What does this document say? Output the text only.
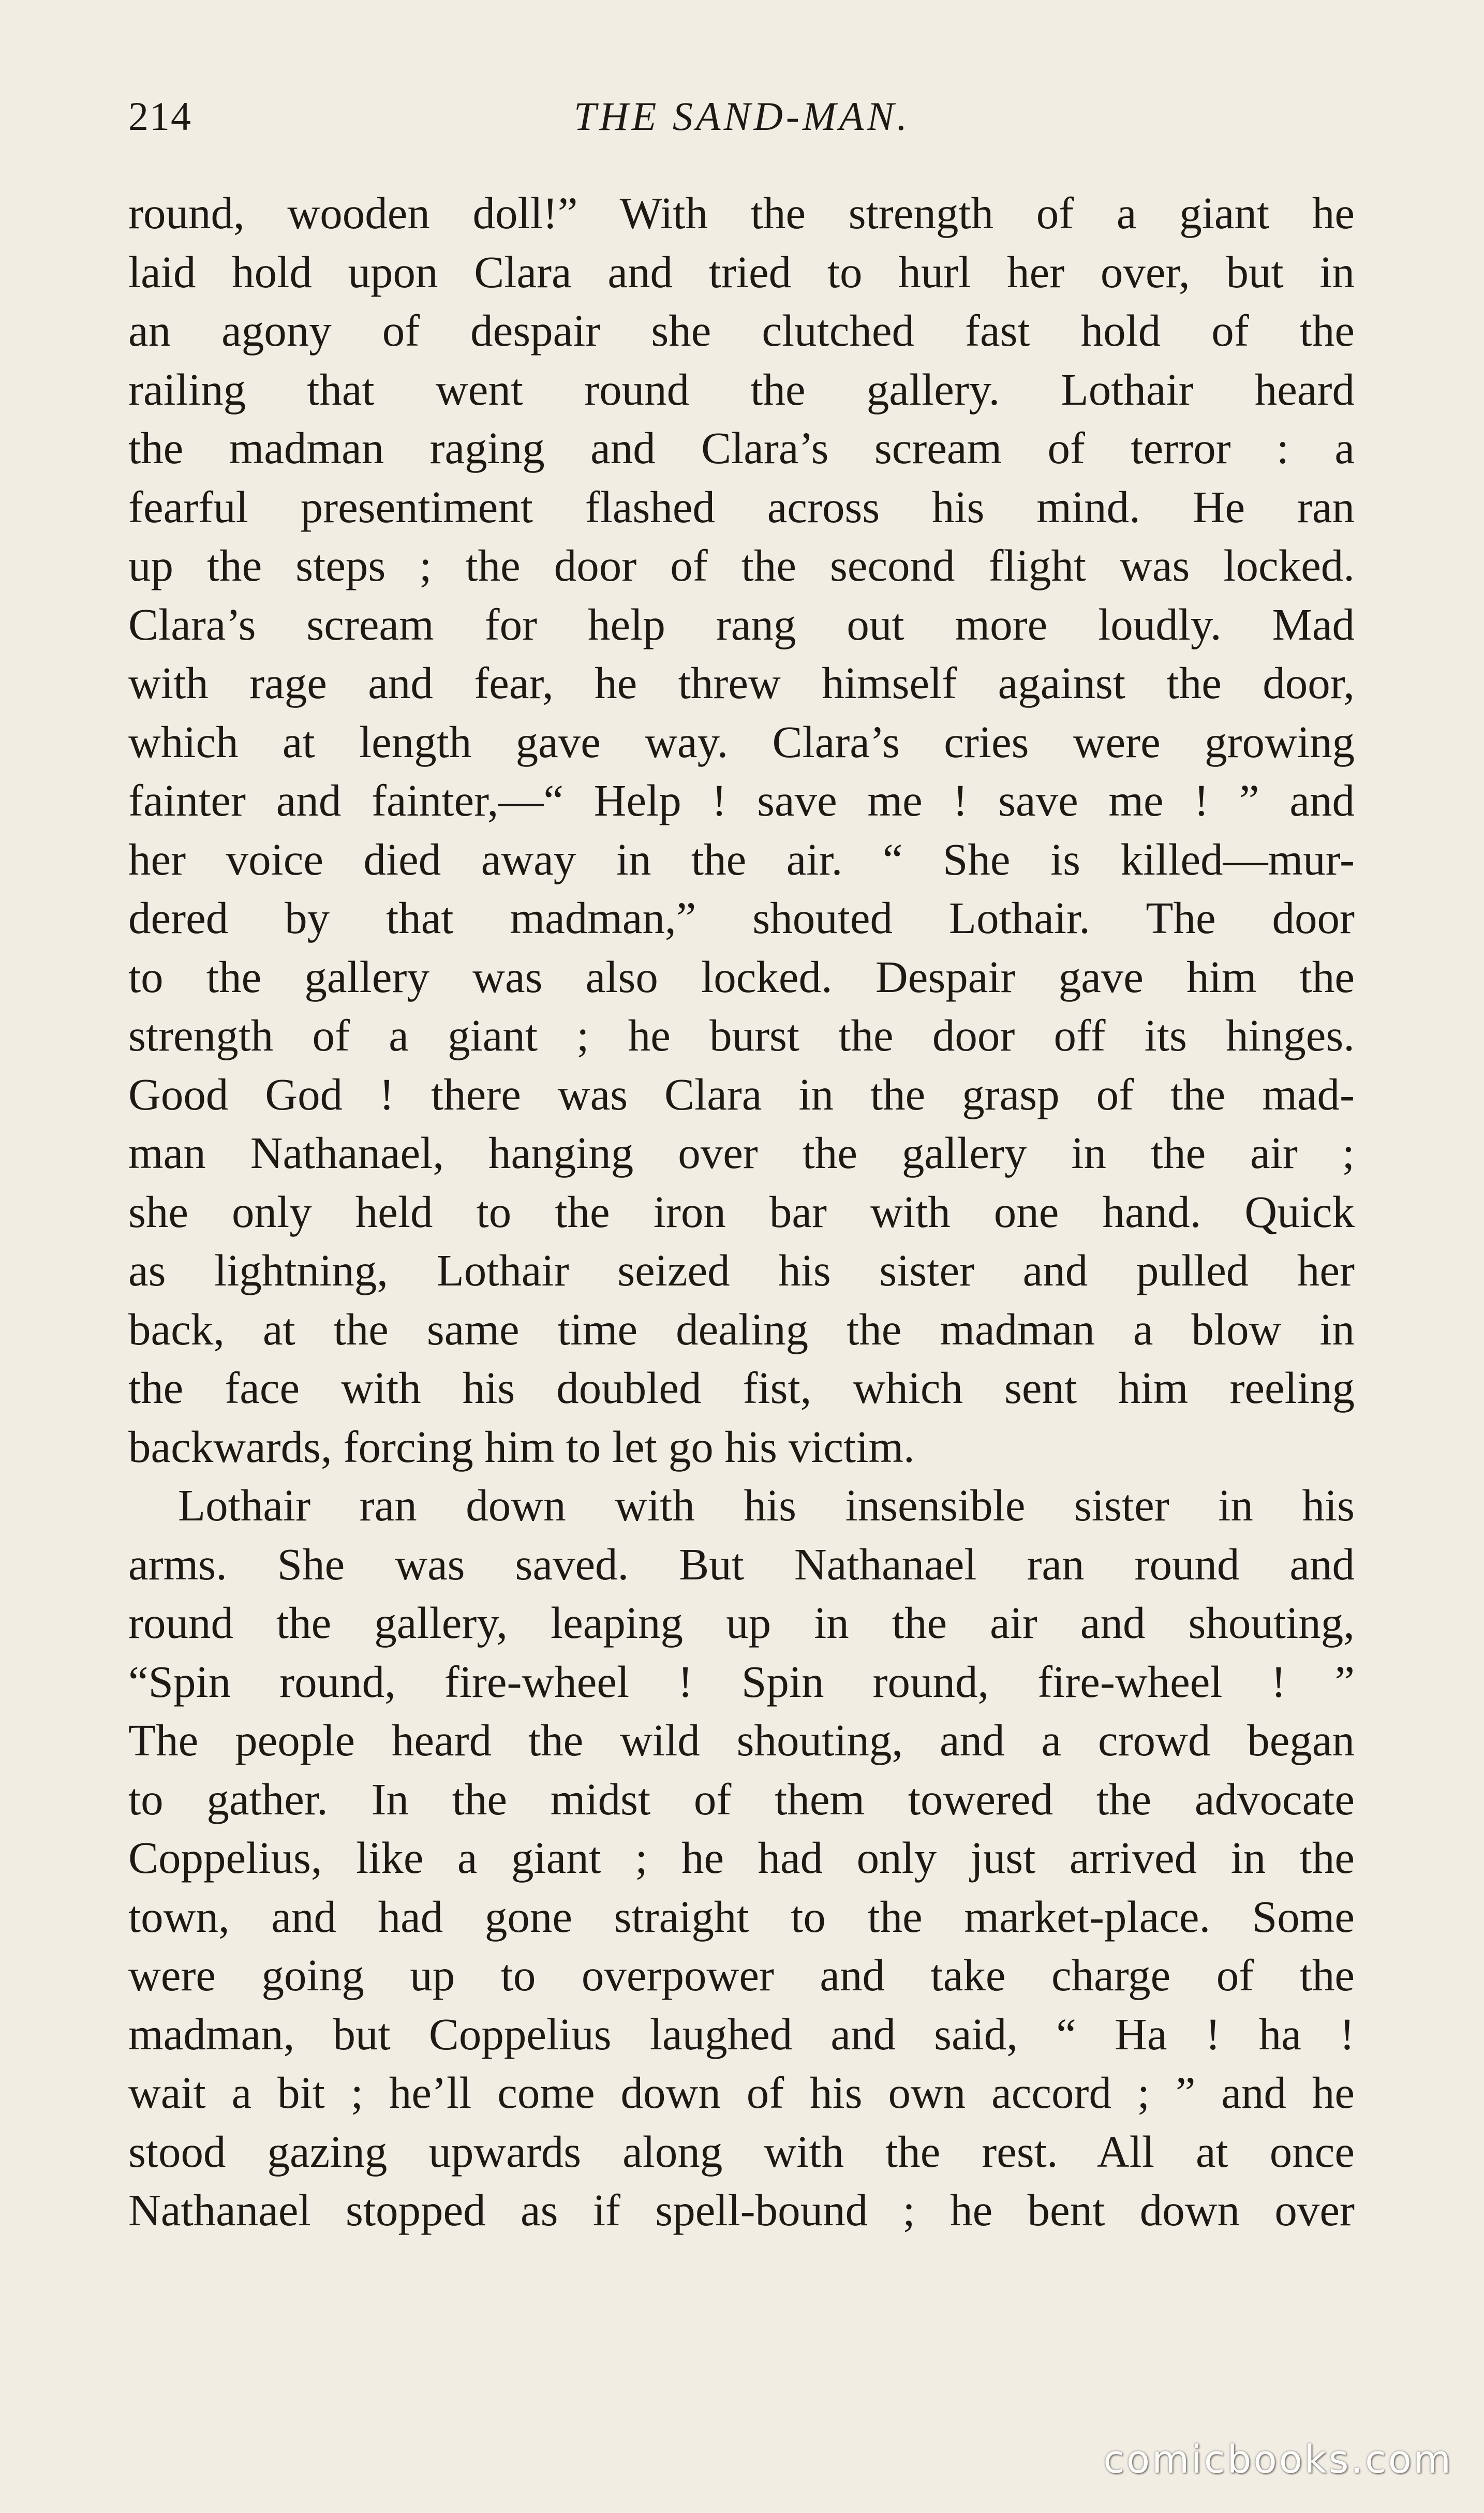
214	THE SAND-MAN.
round, wooden doll!” With the strength of a giant he
laid hold upon Clara and tried to hurl her over, but in
an agony of despair she clutched fast hold of the
railing that went round the gallery. Lothair heard
the madman raging and Clara’s scream of terror : a
fearful presentiment flashed across his mind. He ran
up the steps ; the door of the second flight was locked.
Clara’s scream for help rang out more loudly. Mad
with rage and fear, he threw himself against the door,
which at length gave way. Clara’s cries were growing
fainter and fainter,—“ Help ! save me ! save me ! ” and
her voice died away in the air. “ She is killed—mur-
dered by that madman,” shouted Lothair. The door
to the gallery was also locked. Despair gave him the
strength of a giant ; he burst the door off its hinges.
Good God ! there was Clara in the grasp of the mad-
man Nathanael, hanging over the gallery in the air ;
she only held to the iron bar with one hand. Quick
as lightning, Lothair seized his sister and pulled her
back, at the same time dealing the madman a blow in
the face with his doubled fist, which sent him reeling
backwards, forcing him to let go his victim.
Lothair ran down with his insensible sister in his
arms. She was saved. But Nathanael ran round and
round the gallery, leaping up in the air and shouting,
“Spin round, fire-wheel ! Spin round, fire-wheel ! ”
The people heard the wild shouting, and a crowd began
to gather. In the midst of them towered the advocate
Coppelius, like a giant ; he had only just arrived in the
town, and had gone straight to the market-place. Some
were going up to overpower and take charge of the
madman, but Coppelius laughed and said, “ Ha ! ha !
wait a bit ; he’ll come down of his own accord ; ” and he
stood gazing upwards along with the rest. All at once
Nathanael stopped as if spell-bound ; he bent down over
comicbooks.com
